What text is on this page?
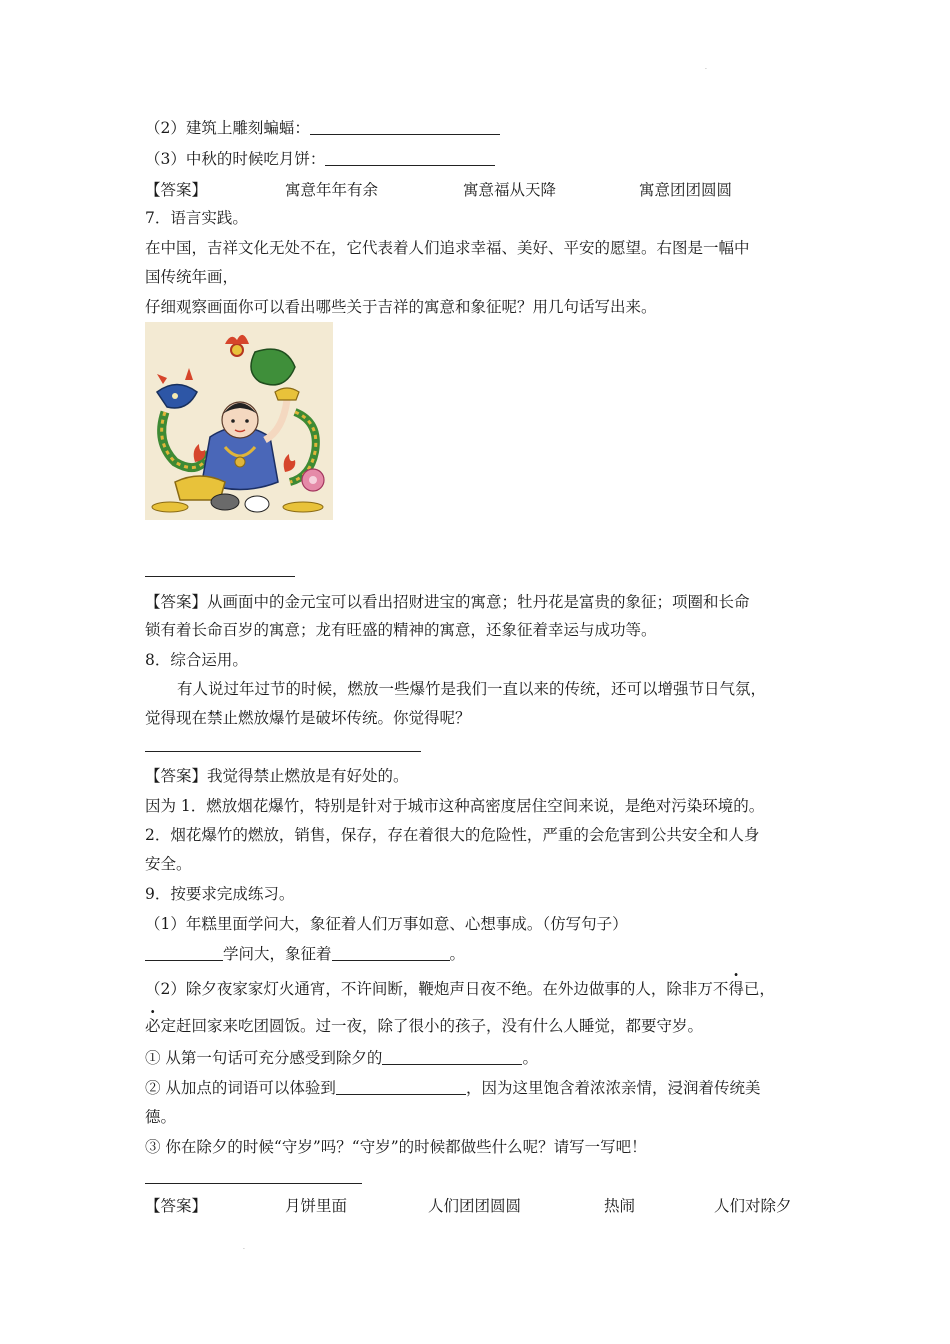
·
（2）建筑上雕刻蝙蝠：
（3）中秋的时候吃月饼：
【答案】	寓意年年有余	寓意福从天降	寓意团团圆圆
7．语言实践。
在中国，吉祥文化无处不在，它代表着人们追求幸福、美好、平安的愿望。右图是一幅中
国传统年画，
仔细观察画面你可以看出哪些关于吉祥的寓意和象征呢？用几句话写出来。
【答案】从画面中的金元宝可以看出招财进宝的寓意；牡丹花是富贵的象征；项圈和长命
锁有着长命百岁的寓意；龙有旺盛的精神的寓意，还象征着幸运与成功等。
8．综合运用。
有人说过年过节的时候，燃放一些爆竹是我们一直以来的传统，还可以增强节日气氛，
觉得现在禁止燃放爆竹是破坏传统。你觉得呢？
【答案】我觉得禁止燃放是有好处的。
因为 1．燃放烟花爆竹，特别是针对于城市这种高密度居住空间来说，是绝对污染环境的。
2．烟花爆竹的燃放，销售，保存，存在着很大的危险性，严重的会危害到公共安全和人身
安全。
9．按要求完成练习。
（1）年糕里面学问大，象征着人们万事如意、心想事成。（仿写句子）
学问大，象征着	。
（2）除夕夜家家灯火通宵，不许间断，鞭炮声日夜不绝。在外边做事的人，除非· 万不得已，
必定赶回家来吃团圆饭。过一夜，除了很小的孩子，没有什么人睡觉，都要守岁。
① 从第一句话可充分感受到除夕的	。
② 从加点的词语可以体验到	，因为这里饱含着浓浓亲情，浸润着传统美
德。
③ 你在除夕的时候“守岁”吗？“守岁”的时候都做些什么呢？请写一写吧！
【答案】	月饼里面	人们团团圆圆	热闹	人们对除夕
·
